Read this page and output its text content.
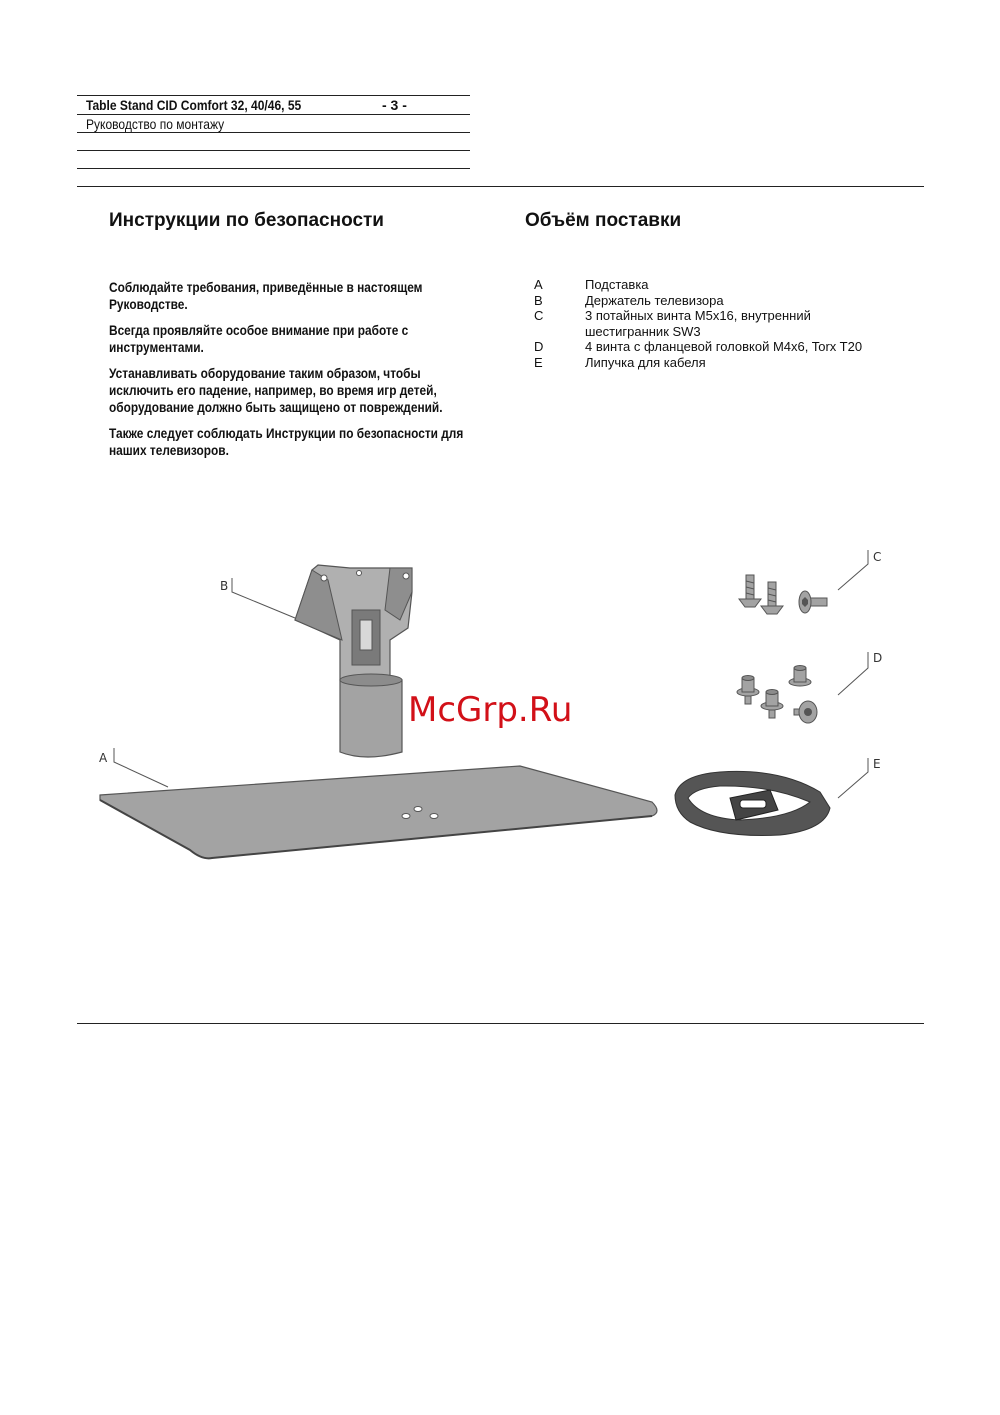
Table Stand CID Comfort 32, 40/46, 55	- 3 -
Руководство по монтажу
Инструкции по безопасности

Соблюдайте требования, приведённые в настоящем Руководстве.

Всегда проявляйте особое внимание при работе с инструментами.

Устанавливать оборудование таким образом, чтобы исключить его падение, например, во время игр детей, оборудование должно быть защищено от повреждений.

Также следует соблюдать Инструкции по безопасности для наших телевизоров.

Объём поставки
A	Подставка
B	Держатель телевизора
C	3 потайных винта M5x16, внутренний шестигранник SW3
D	4 винта с фланцевой головкой M4x6, Torx T20
E	Липучка для кабеля
A
B
C
D
E
McGrp.Ru
